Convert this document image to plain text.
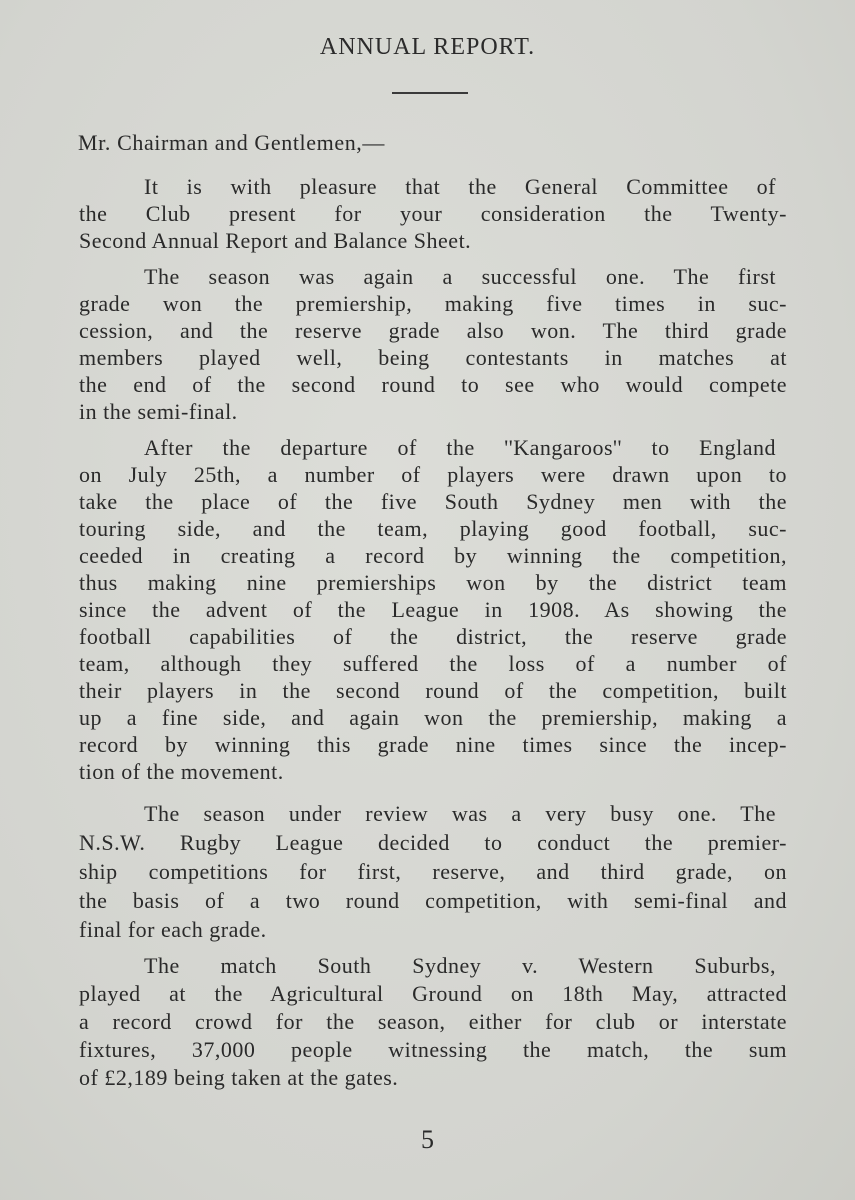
ANNUAL REPORT.
Mr. Chairman and Gentlemen,—
It is with pleasure that the General Committee of
the Club present for your consideration the Twenty-
Second Annual Report and Balance Sheet.
The season was again a successful one. The first
grade won the premiership, making five times in suc-
cession, and the reserve grade also won. The third grade
members played well, being contestants in matches at
the end of the second round to see who would compete
in the semi-final.
After the departure of the ''Kangaroos'' to England
on July 25th, a number of players were drawn upon to
take the place of the five South Sydney men with the
touring side, and the team, playing good football, suc-
ceeded in creating a record by winning the competition,
thus making nine premierships won by the district team
since the advent of the League in 1908. As showing the
football capabilities of the district, the reserve grade
team, although they suffered the loss of a number of
their players in the second round of the competition, built
up a fine side, and again won the premiership, making a
record by winning this grade nine times since the incep-
tion of the movement.
The season under review was a very busy one. The
N.S.W. Rugby League decided to conduct the premier-
ship competitions for first, reserve, and third grade, on
the basis of a two round competition, with semi-final and
final for each grade.
The match South Sydney v. Western Suburbs,
played at the Agricultural Ground on 18th May, attracted
a record crowd for the season, either for club or interstate
fixtures, 37,000 people witnessing the match, the sum
of £2,189 being taken at the gates.
5
